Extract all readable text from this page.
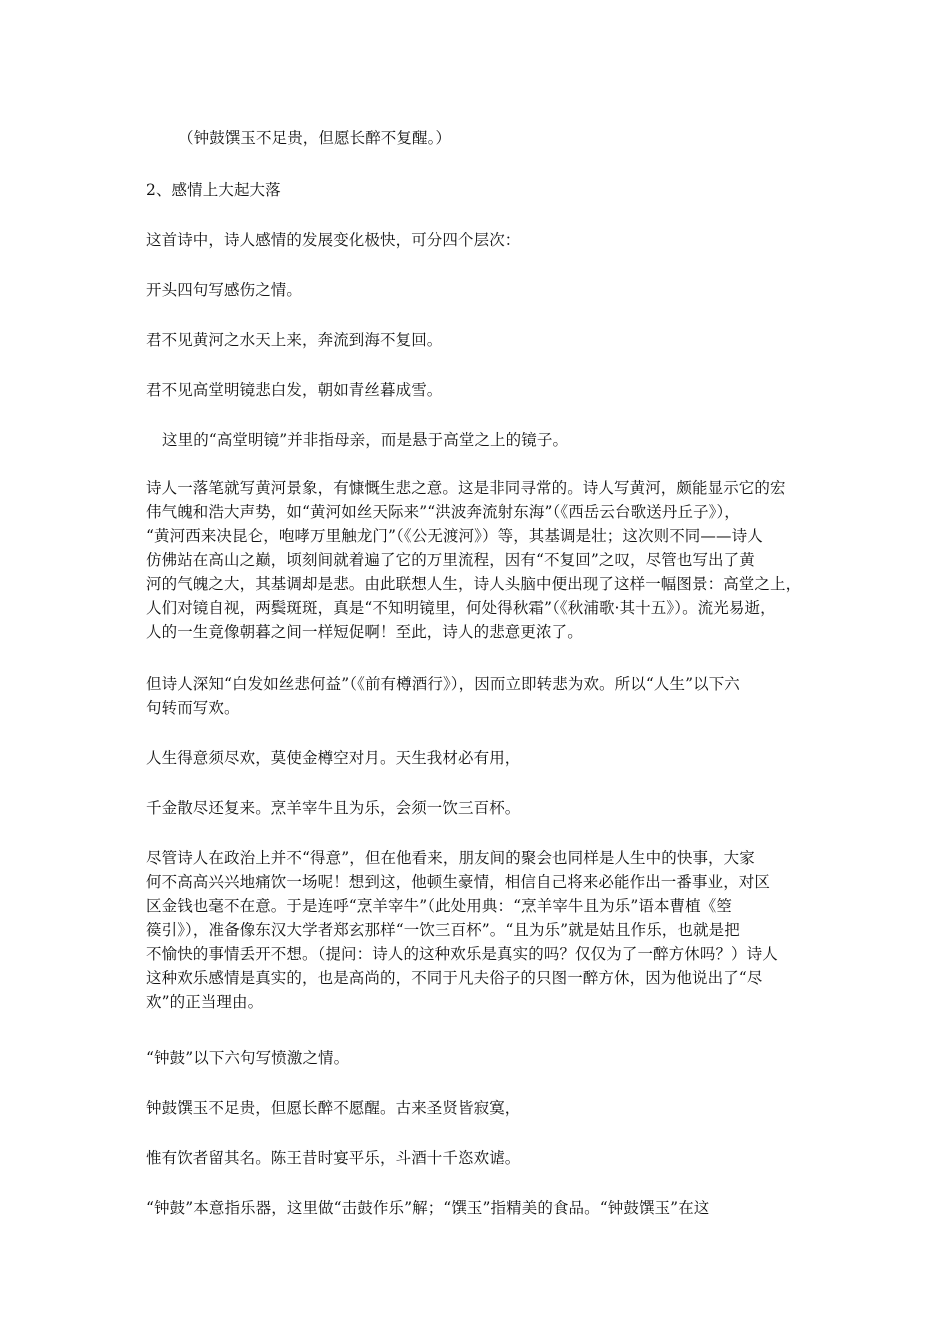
（钟鼓馔玉不足贵，但愿长醉不复醒。）

2、感情上大起大落

这首诗中，诗人感情的发展变化极快，可分四个层次：

开头四句写感伤之情。

君不见黄河之水天上来，奔流到海不复回。

君不见高堂明镜悲白发，朝如青丝暮成雪。

这里的“高堂明镜”并非指母亲，而是悬于高堂之上的镜子。

诗人一落笔就写黄河景象，有慷慨生悲之意。这是非同寻常的。诗人写黄河，颇能显示它的宏
伟气魄和浩大声势，如“黄河如丝天际来”“洪波奔流射东海”（《西岳云台歌送丹丘子》），
“黄河西来决昆仑，咆哮万里触龙门”（《公无渡河》）等，其基调是壮；这次则不同——诗人
仿佛站在高山之巅，顷刻间就着遍了它的万里流程，因有“不复回”之叹，尽管也写出了黄
河的气魄之大，其基调却是悲。由此联想人生，诗人头脑中便出现了这样一幅图景：高堂之上，
人们对镜自视，两鬓斑斑，真是“不知明镜里，何处得秋霜”（《秋浦歌·其十五》）。流光易逝，
人的一生竟像朝暮之间一样短促啊！至此，诗人的悲意更浓了。

但诗人深知“白发如丝悲何益”（《前有樽酒行》），因而立即转悲为欢。所以“人生”以下六
句转而写欢。

人生得意须尽欢，莫使金樽空对月。天生我材必有用，

千金散尽还复来。烹羊宰牛且为乐，会须一饮三百杯。

尽管诗人在政治上并不“得意”，但在他看来，朋友间的聚会也同样是人生中的快事，大家
何不高高兴兴地痛饮一场呢！想到这，他顿生豪情，相信自己将来必能作出一番事业，对区
区金钱也毫不在意。于是连呼“烹羊宰牛”（此处用典：“烹羊宰牛且为乐”语本曹植《箜
篌引》），准备像东汉大学者郑玄那样“一饮三百杯”。“且为乐”就是姑且作乐，也就是把
不愉快的事情丢开不想。（提问：诗人的这种欢乐是真实的吗？仅仅为了一醉方休吗？）诗人
这种欢乐感情是真实的，也是高尚的，不同于凡夫俗子的只图一醉方休，因为他说出了“尽
欢”的正当理由。

“钟鼓”以下六句写愤激之情。

钟鼓馔玉不足贵，但愿长醉不愿醒。古来圣贤皆寂寞，

惟有饮者留其名。陈王昔时宴平乐，斗酒十千恣欢谑。

“钟鼓”本意指乐器，这里做“击鼓作乐”解；“馔玉”指精美的食品。“钟鼓馔玉”在这
